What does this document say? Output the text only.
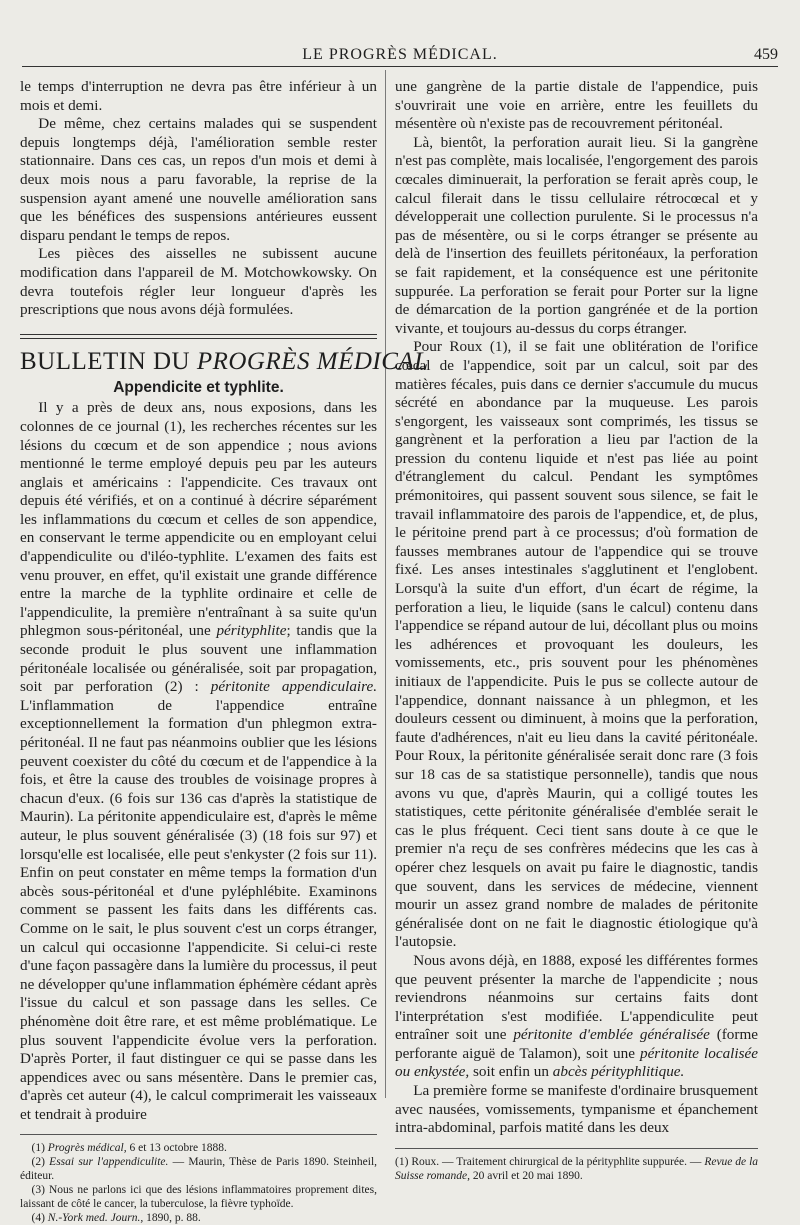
LE PROGRÈS MÉDICAL.	459

le temps d'interruption ne devra pas être inférieur à un mois et demi.

De même, chez certains malades qui se suspendent depuis longtemps déjà, l'amélioration semble rester stationnaire. Dans ces cas, un repos d'un mois et demi à deux mois nous a paru favorable, la reprise de la suspension ayant amené une nouvelle amélioration sans que les bénéfices des suspensions antérieures eussent disparu pendant le temps de repos.

Les pièces des aisselles ne subissent aucune modification dans l'appareil de M. Motchowkowsky. On devra toutefois régler leur longueur d'après les prescriptions que nous avons déjà formulées.

BULLETIN DU PROGRÈS MÉDICAL
Appendicite et typhlite.

Il y a près de deux ans, nous exposions, dans les colonnes de ce journal (1), les recherches récentes sur les lésions du cœcum et de son appendice ; nous avions mentionné le terme employé depuis peu par les auteurs anglais et américains : l'appendicite. Ces travaux ont depuis été vérifiés, et on a continué à décrire séparément les inflammations du cœcum et celles de son appendice, en conservant le terme appendicite ou en employant celui d'appendiculite ou d'iléo-typhlite. L'examen des faits est venu prouver, en effet, qu'il existait une grande différence entre la marche de la typhlite ordinaire et celle de l'appendiculite, la première n'entraînant à sa suite qu'un phlegmon sous-péritonéal, une pérityphlite; tandis que la seconde produit le plus souvent une inflammation péritonéale localisée ou généralisée, soit par propagation, soit par perforation (2) : péritonite appendiculaire. L'inflammation de l'appendice entraîne exceptionnellement la formation d'un phlegmon extra-péritonéal. Il ne faut pas néanmoins oublier que les lésions peuvent coexister du côté du cœcum et de l'appendice à la fois, et être la cause des troubles de voisinage propres à chacun d'eux. (6 fois sur 136 cas d'après la statistique de Maurin). La péritonite appendiculaire est, d'après le même auteur, le plus souvent généralisée (3) (18 fois sur 97) et lorsqu'elle est localisée, elle peut s'enkyster (2 fois sur 11). Enfin on peut constater en même temps la formation d'un abcès sous-péritonéal et d'une pyléphlébite. Examinons comment se passent les faits dans les différents cas. Comme on le sait, le plus souvent c'est un corps étranger, un calcul qui occasionne l'appendicite. Si celui-ci reste d'une façon passagère dans la lumière du processus, il peut ne développer qu'une inflammation éphémère cédant après l'issue du calcul et son passage dans les selles. Ce phénomène doit être rare, et est même problématique. Le plus souvent l'appendicite évolue vers la perforation. D'après Porter, il faut distinguer ce qui se passe dans les appendices avec ou sans mésentère. Dans le premier cas, d'après cet auteur (4), le calcul comprimerait les vaisseaux et tendrait à produire

(1) Progrès médical, 6 et 13 octobre 1888.

(2) Essai sur l'appendiculite. — Maurin, Thèse de Paris 1890. Steinheil, éditeur.

(3) Nous ne parlons ici que des lésions inflammatoires proprement dites, laissant de côté le cancer, la tuberculose, la fièvre typhoïde.

(4) N.-York med. Journ., 1890, p. 88.

une gangrène de la partie distale de l'appendice, puis s'ouvrirait une voie en arrière, entre les feuillets du mésentère où n'existe pas de recouvrement péritonéal.

Là, bientôt, la perforation aurait lieu. Si la gangrène n'est pas complète, mais localisée, l'engorgement des parois cœcales diminuerait, la perforation se ferait après coup, le calcul filerait dans le tissu cellulaire rétrocœcal et y développerait une collection purulente. Si le processus n'a pas de mésentère, ou si le corps étranger se présente au delà de l'insertion des feuillets péritonéaux, la perforation se fait rapidement, et la conséquence est une péritonite suppurée. La perforation se ferait pour Porter sur la ligne de démarcation de la portion gangrénée et de la portion vivante, et toujours au-dessus du corps étranger.

Pour Roux (1), il se fait une oblitération de l'orifice cœcal de l'appendice, soit par un calcul, soit par des matières fécales, puis dans ce dernier s'accumule du mucus sécrété en abondance par la muqueuse. Les parois s'engorgent, les vaisseaux sont comprimés, les tissus se gangrènent et la perforation a lieu par l'action de la pression du contenu liquide et n'est pas liée au point d'étranglement du calcul. Pendant les symptômes prémonitoires, qui passent souvent sous silence, se fait le travail inflammatoire des parois de l'appendice, et, de plus, le péritoine prend part à ce processus; d'où formation de fausses membranes autour de l'appendice qui se trouve fixé. Les anses intestinales s'agglutinent et l'englobent. Lorsqu'à la suite d'un effort, d'un écart de régime, la perforation a lieu, le liquide (sans le calcul) contenu dans l'appendice se répand autour de lui, décollant plus ou moins les adhérences et provoquant les douleurs, les vomissements, etc., pris souvent pour les phénomènes initiaux de l'appendicite. Puis le pus se collecte autour de l'appendice, donnant naissance à un phlegmon, et les douleurs cessent ou diminuent, à moins que la perforation, faute d'adhérences, n'ait eu lieu dans la cavité péritonéale. Pour Roux, la péritonite généralisée serait donc rare (3 fois sur 18 cas de sa statistique personnelle), tandis que nous avons vu que, d'après Maurin, qui a colligé toutes les statistiques, cette péritonite généralisée d'emblée serait le cas le plus fréquent. Ceci tient sans doute à ce que le premier n'a reçu de ses confrères médecins que les cas à opérer chez lesquels on avait pu faire le diagnostic, tandis que souvent, dans les services de médecine, viennent mourir un assez grand nombre de malades de péritonite généralisée dont on ne fait le diagnostic étiologique qu'à l'autopsie.

Nous avons déjà, en 1888, exposé les différentes formes que peuvent présenter la marche de l'appendicite ; nous reviendrons néanmoins sur certains faits dont l'interprétation s'est modifiée. L'appendiculite peut entraîner soit une péritonite d'emblée généralisée (forme perforante aiguë de Talamon), soit une péritonite localisée ou enkystée, soit enfin un abcès pérityphlitique.

La première forme se manifeste d'ordinaire brusquement avec nausées, vomissements, tympanisme et épanchement intra-abdominal, parfois matité dans les deux

(1) Roux. — Traitement chirurgical de la pérityphlite suppurée. — Revue de la Suisse romande, 20 avril et 20 mai 1890.
